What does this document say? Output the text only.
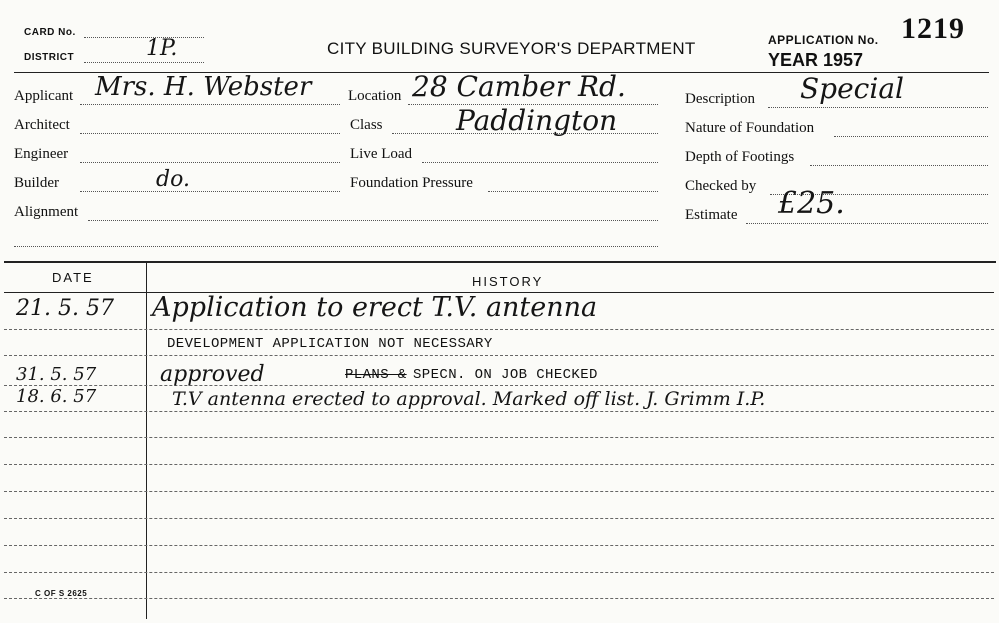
CARD No.
DISTRICT	1P.	CITY BUILDING SURVEYOR'S DEPARTMENT	APPLICATION No. 1219
YEAR 1957
Applicant Mrs. H. Webster
Architect
Engineer
Builder	do.
Alignment
Location 28 Camber Rd.
Class	Paddington
Live Load
Foundation Pressure
Description Special
Nature of Foundation
Depth of Footings
Checked by
Estimate £25.
DATE	HISTORY
21. 5. 57 Application to erect T.V. antenna
DEVELOPMENT APPLICATION NOT NECESSARY
31. 5. 57	approved	PLANS & SPECN. ON JOB CHECKED
18. 6. 57	T.V antenna erected to approval. Marked off list. J. Grimm I.P.
C OF S 2625
